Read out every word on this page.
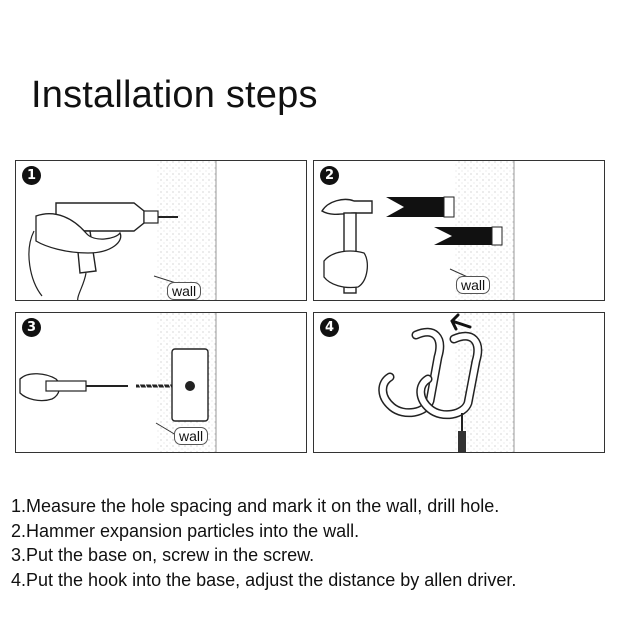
Installation steps
1
wall
2
wall
3
wall
4
1.Measure the hole spacing and mark it on the wall, drill hole.
2.Hammer expansion particles into the wall.
3.Put the base on, screw in the screw.
4.Put the hook into the base, adjust the distance by allen driver.
